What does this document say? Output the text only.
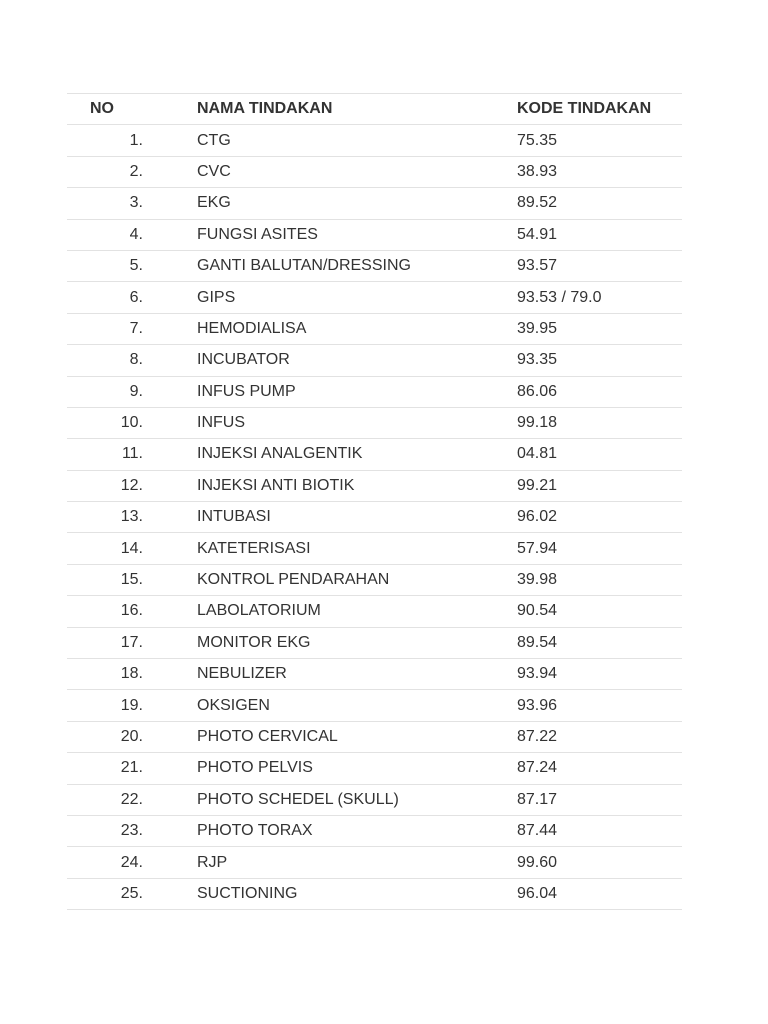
NO	NAMA TINDAKAN	KODE TINDAKAN
1.	CTG	75.35
2.	CVC	38.93
3.	EKG	89.52
4.	FUNGSI ASITES	54.91
5.	GANTI BALUTAN/DRESSING	93.57
6.	GIPS	93.53 / 79.0
7.	HEMODIALISA	39.95
8.	INCUBATOR	93.35
9.	INFUS PUMP	86.06
10.	INFUS	99.18
11.	INJEKSI ANALGENTIK	04.81
12.	INJEKSI ANTI BIOTIK	99.21
13.	INTUBASI	96.02
14.	KATETERISASI	57.94
15.	KONTROL PENDARAHAN	39.98
16.	LABOLATORIUM	90.54
17.	MONITOR EKG	89.54
18.	NEBULIZER	93.94
19.	OKSIGEN	93.96
20.	PHOTO CERVICAL	87.22
21.	PHOTO PELVIS	87.24
22.	PHOTO SCHEDEL (SKULL)	87.17
23.	PHOTO TORAX	87.44
24.	RJP	99.60
25.	SUCTIONING	96.04
